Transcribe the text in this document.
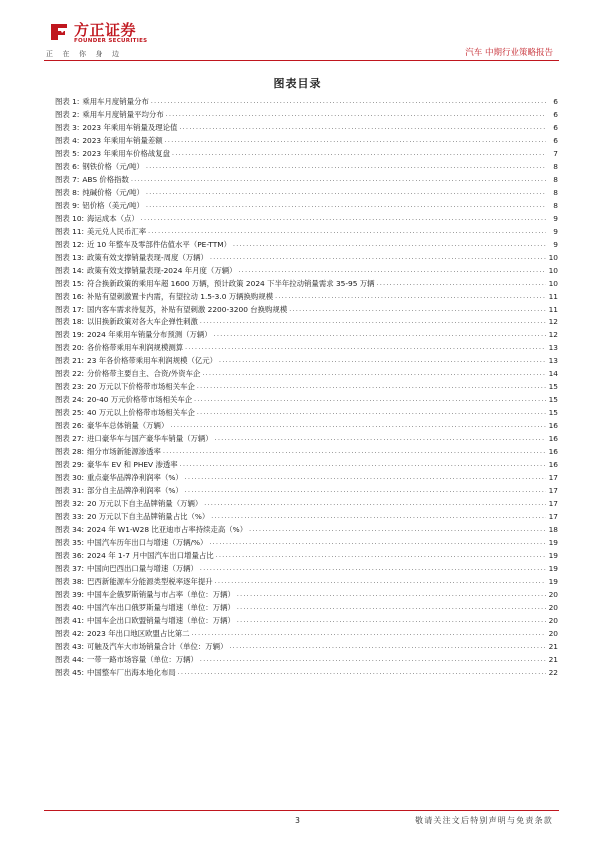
方正证券
FOUNDER SECURITIES
正在你身边	汽车 中期行业策略报告
图表目录
图表 1: 乘用车月度销量分布 .....	6
图表 2: 乘用车月度销量平均分布 .....	6
图表 3: 2023 年乘用车销量及理论值 .....	6
图表 4: 2023 年乘用车销量差额 .....	6
图表 5: 2023 年乘用车价格战复盘 .....	7
图表 6: 钢铁价格（元/吨） .....	8
图表 7: ABS 价格指数 .....	8
图表 8: 纯碱价格（元/吨） .....	8
图表 9: 铝价格（美元/吨） .....	8
图表 10: 海运成本（点） .....	9
图表 11: 美元兑人民币汇率 .....	9
图表 12: 近 10 年整车及零部件估值水平（PE-TTM） .....	9
图表 13: 政策有效支撑销量表现-周度（万辆） .....	10
图表 14: 政策有效支撑销量表现-2024 年月度（万辆） .....	10
图表 15: 符合换新政策的乘用车超 1600 万辆，预计政策 2024 下半年拉动销量需求 35-95 万辆 .....	10
图表 16: 补贴有望刺激置卡内需，有望拉动 1.5-3.0 万辆换购规模 .....	11
图表 17: 国内客车需求待复苏，补贴有望刺激 2200-3200 台换购规模 .....	11
图表 18: 以旧换新政策对各大车企弹性刺激 .....	12
图表 19: 2024 年乘用车销量分布预测（万辆） .....	12
图表 20: 各价格带乘用车利润规模测算 .....	13
图表 21: 23 年各价格带乘用车利润规模（亿元） .....	13
图表 22: 分价格带主要自主、合资/外资车企 .....	14
图表 23: 20 万元以下价格带市场相关车企 .....	15
图表 24: 20-40 万元价格带市场相关车企 .....	15
图表 25: 40 万元以上价格带市场相关车企 .....	15
图表 26: 豪华车总体销量（万辆） .....	16
图表 27: 进口豪华车与国产豪华车销量（万辆） .....	16
图表 28: 细分市场新能源渗透率 .....	16
图表 29: 豪华车 EV 和 PHEV 渗透率 .....	16
图表 30: 重点豪华品牌净利润率（%） .....	17
图表 31: 部分自主品牌净利润率（%） .....	17
图表 32: 20 万元以下自主品牌销量（万辆） .....	17
图表 33: 20 万元以下自主品牌销量占比（%） .....	17
图表 34: 2024 年 W1-W28 比亚迪市占率持续走高（%） .....	18
图表 35: 中国汽车历年出口与增速（万辆/%） .....	19
图表 36: 2024 年 1-7 月中国汽车出口增量占比 .....	19
图表 37: 中国向巴西出口量与增速（万辆） .....	19
图表 38: 巴西新能源车分能源类型税率逐年提升 .....	19
图表 39: 中国车企俄罗斯销量与市占率（单位：万辆） .....	20
图表 40: 中国汽车出口俄罗斯量与增速（单位：万辆） .....	20
图表 41: 中国车企出口欧盟销量与增速（单位：万辆） .....	20
图表 42: 2023 年出口地区欧盟占比第二 .....	20
图表 43: 可触及汽车大市场销量合计（单位：万辆） .....	21
图表 44: 一带一路市场容量（单位：万辆） .....	21
图表 45: 中国整车厂出海本地化布局 .....	22
3	敬请关注文后特别声明与免责条款
